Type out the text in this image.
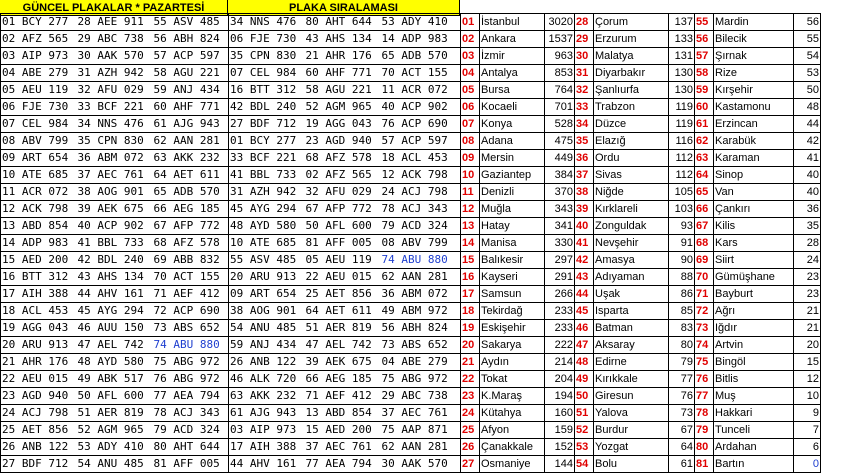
GÜNCEL PLAKALAR * PAZARTESİ	PLAKA SIRALAMASI
01 BCY 277	28 AEE 911	55 ASV 485	34 NNS 476	80 AHT 644	53 ADY 410
02 AFZ 565	29 ABC 738	56 ABH 824	06 FJE 730	43 AHS 134	14 ADP 983
03 AIP 973	30 AAK 570	57 ACP 597	35 CPN 830	21 AHR 176	65 ADB 570
04 ABE 279	31 AZH 942	58 AGU 221	07 CEL 984	60 AHF 771	70 ACT 155
05 AEU 119	32 AFU 029	59 ANJ 434	16 BTT 312	58 AGU 221	11 ACR 072
06 FJE 730	33 BCF 221	60 AHF 771	42 BDL 240	52 AGM 965	40 ACP 902
07 CEL 984	34 NNS 476	61 AJG 943	27 BDF 712	19 AGG 043	76 ACP 690
08 ABV 799	35 CPN 830	62 AAN 281	01 BCY 277	23 AGD 940	57 ACP 597
09 ART 654	36 ABM 072	63 AKK 232	33 BCF 221	68 AFZ 578	18 ACL 453
10 ATE 685	37 AEC 761	64 AET 611	41 BBL 733	02 AFZ 565	12 ACK 798
11 ACR 072	38 AOG 901	65 ADB 570	31 AZH 942	32 AFU 029	24 ACJ 798
12 ACK 798	39 AEK 675	66 AEG 185	45 AYG 294	67 AFP 772	78 ACJ 343
13 ABD 854	40 ACP 902	67 AFP 772	48 AYD 580	50 AFL 600	79 ACD 324
14 ADP 983	41 BBL 733	68 AFZ 578	10 ATE 685	81 AFF 005	08 ABV 799
15 AED 200	42 BDL 240	69 ABB 832	55 ASV 485	05 AEU 119	74 ABU 880
16 BTT 312	43 AHS 134	70 ACT 155	20 ARU 913	22 AEU 015	62 AAN 281
17 AIH 388	44 AHV 161	71 AEF 412	09 ART 654	25 AET 856	36 ABM 072
18 ACL 453	45 AYG 294	72 ACP 690	38 AOG 901	64 AET 611	49 ABM 972
19 AGG 043	46 AUU 150	73 ABS 652	54 ANU 485	51 AER 819	56 ABH 824
20 ARU 913	47 AEL 742	74 ABU 880	59 ANJ 434	47 AEL 742	73 ABS 652
21 AHR 176	48 AYD 580	75 ABG 972	26 ANB 122	39 AEK 675	04 ABE 279
22 AEU 015	49 ABK 517	76 ABG 972	46 ALK 720	66 AEG 185	75 ABG 972
23 AGD 940	50 AFL 600	77 AEA 794	63 AKK 232	71 AEF 412	29 ABC 738
24 ACJ 798	51 AER 819	78 ACJ 343	61 AJG 943	13 ABD 854	37 AEC 761
25 AET 856	52 AGM 965	79 ACD 324	03 AIP 973	15 AED 200	75 AAP 871
26 ANB 122	53 ADY 410	80 AHT 644	17 AIH 388	37 AEC 761	62 AAN 281
27 BDF 712	54 ANU 485	81 AFF 005	44 AHV 161	77 AEA 794	30 AAK 570
01	İstanbul	3020	28	Çorum	137	55	Mardin	56
02	Ankara	1537	29	Erzurum	133	56	Bilecik	55
03	İzmir	963	30	Malatya	131	57	Şırnak	54
04	Antalya	853	31	Diyarbakır	130	58	Rize	53
05	Bursa	764	32	Şanlıurfa	130	59	Kırşehir	50
06	Kocaeli	701	33	Trabzon	119	60	Kastamonu	48
07	Konya	528	34	Düzce	119	61	Erzincan	44
08	Adana	475	35	Elazığ	116	62	Karabük	42
09	Mersin	449	36	Ordu	112	63	Karaman	41
10	Gaziantep	384	37	Sivas	112	64	Sinop	40
11	Denizli	370	38	Niğde	105	65	Van	40
12	Muğla	343	39	Kırklareli	103	66	Çankırı	36
13	Hatay	341	40	Zonguldak	93	67	Kilis	35
14	Manisa	330	41	Nevşehir	91	68	Kars	28
15	Balıkesir	297	42	Amasya	90	69	Siirt	24
16	Kayseri	291	43	Adıyaman	88	70	Gümüşhane	23
17	Samsun	266	44	Uşak	86	71	Bayburt	23
18	Tekirdağ	233	45	Isparta	85	72	Ağrı	21
19	Eskişehir	233	46	Batman	83	73	Iğdır	21
20	Sakarya	222	47	Aksaray	80	74	Artvin	20
21	Aydın	214	48	Edirne	79	75	Bingöl	15
22	Tokat	204	49	Kırıkkale	77	76	Bitlis	12
23	K.Maraş	194	50	Giresun	76	77	Muş	10
24	Kütahya	160	51	Yalova	73	78	Hakkari	9
25	Afyon	159	52	Burdur	67	79	Tunceli	7
26	Çanakkale	152	53	Yozgat	64	80	Ardahan	6
27	Osmaniye	144	54	Bolu	61	81	Bartın	0
